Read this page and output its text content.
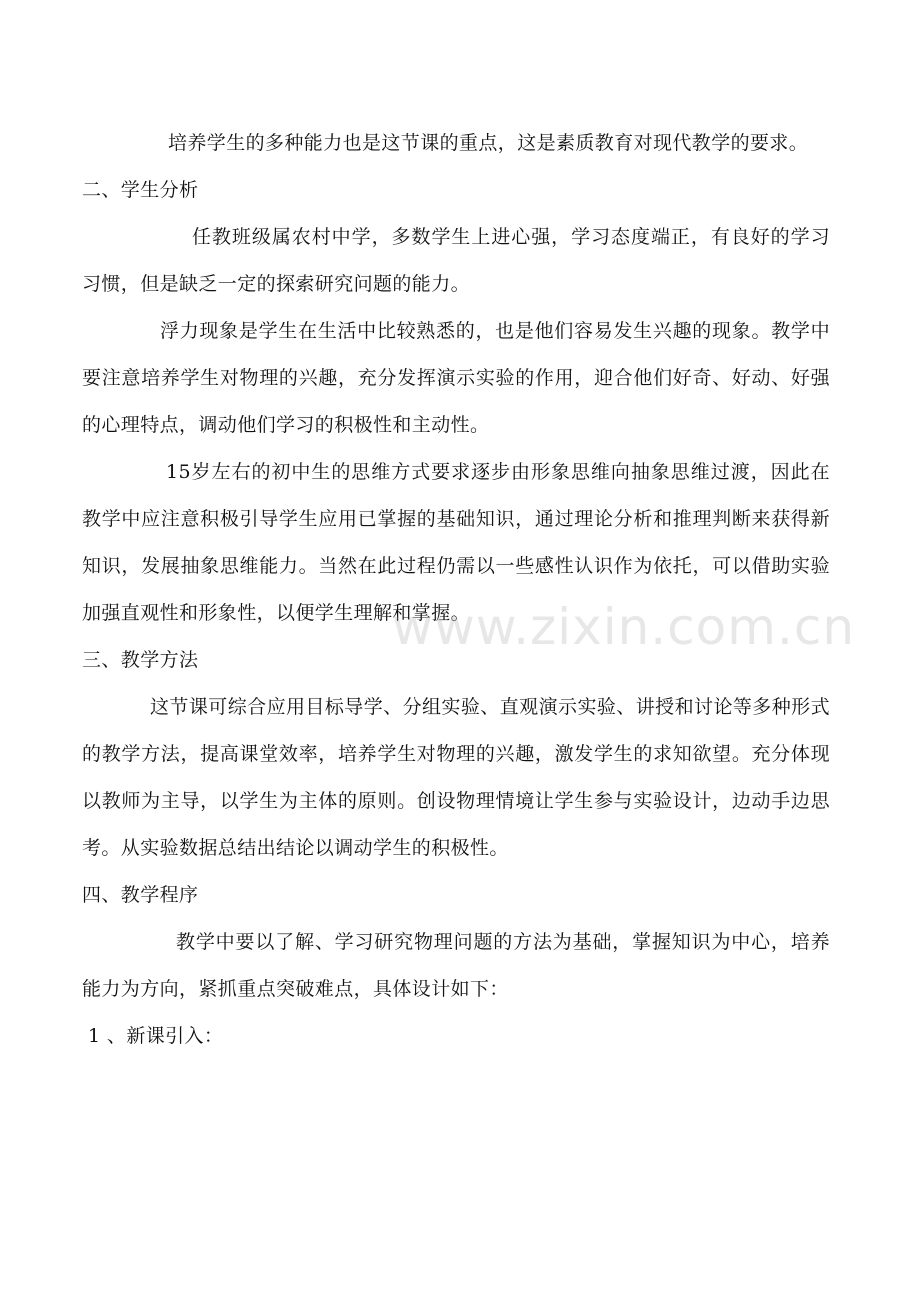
培养学生的多种能力也是这节课的重点，这是素质教育对现代教学的要求。

二、学生分析

任教班级属农村中学，多数学生上进心强，学习态度端正，有良好的学习习惯，但是缺乏一定的探索研究问题的能力。

浮力现象是学生在生活中比较熟悉的，也是他们容易发生兴趣的现象。教学中要注意培养学生对物理的兴趣，充分发挥演示实验的作用，迎合他们好奇、好动、好强的心理特点，调动他们学习的积极性和主动性。

15岁左右的初中生的思维方式要求逐步由形象思维向抽象思维过渡，因此在教学中应注意积极引导学生应用已掌握的基础知识，通过理论分析和推理判断来获得新知识，发展抽象思维能力。当然在此过程仍需以一些感性认识作为依托，可以借助实验加强直观性和形象性，以便学生理解和掌握。

三、教学方法

这节课可综合应用目标导学、分组实验、直观演示实验、讲授和讨论等多种形式的教学方法，提高课堂效率，培养学生对物理的兴趣，激发学生的求知欲望。充分体现以教师为主导，以学生为主体的原则。创设物理情境让学生参与实验设计，边动手边思考。从实验数据总结出结论以调动学生的积极性。

四、教学程序

教学中要以了解、学习研究物理问题的方法为基础，掌握知识为中心，培养能力为方向，紧抓重点突破难点，具体设计如下：

1 、新课引入：

www.zixin.com.cn
